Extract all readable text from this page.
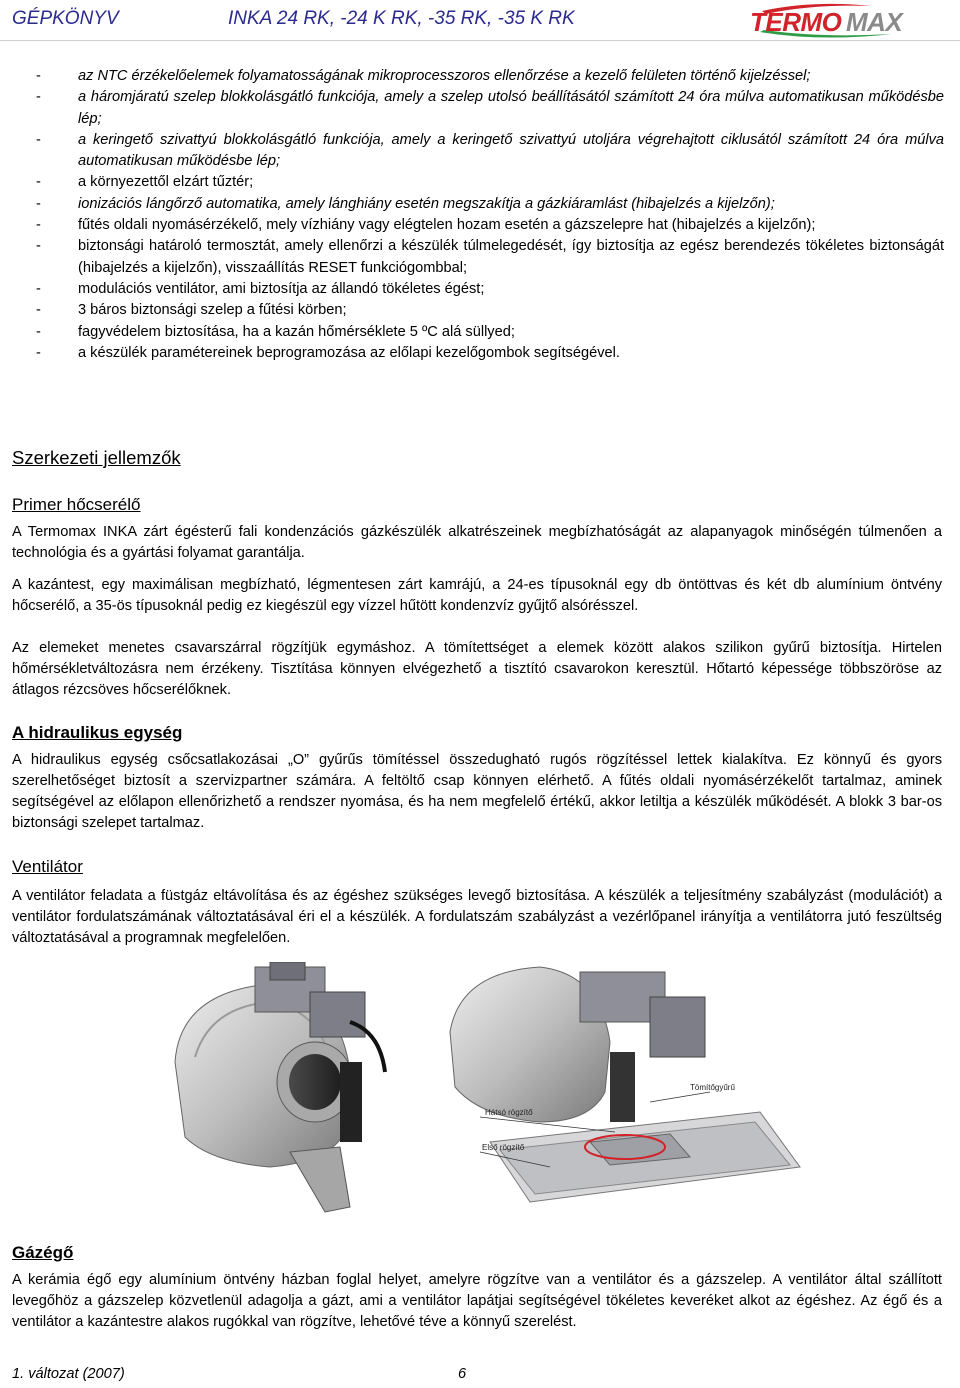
GÉPKÖNYV	INKA 24 RK, -24 K RK, -35 RK, -35 K RK	TERMO MAX
- az NTC érzékelőelemek folyamatosságának mikroprocesszoros ellenőrzése a kezelő felületen történő kijelzéssel;
- a háromjáratú szelep blokkolásgátló funkciója, amely a szelep utolsó beállításától számított 24 óra múlva automatikusan működésbe lép;
- a keringető szivattyú blokkolásgátló funkciója, amely a keringető szivattyú utoljára végrehajtott ciklusától számított 24 óra múlva automatikusan működésbe lép;
- a környezettől elzárt tűztér;
- ionizációs lángőrző automatika, amely lánghiány esetén megszakítja a gázkiáramlást (hibajelzés a kijelzőn);
- fűtés oldali nyomásérzékelő, mely vízhiány vagy elégtelen hozam esetén a gázszelepre hat (hibajelzés a kijelzőn);
- biztonsági határoló termosztát, amely ellenőrzi a készülék túlmelegedését, így biztosítja az egész berendezés tökéletes biztonságát (hibajelzés a kijelzőn), visszaállítás RESET funkciógombbal;
- modulációs ventilátor, ami biztosítja az állandó tökéletes égést;
- 3 báros biztonsági szelep a fűtési körben;
- fagyvédelem biztosítása, ha a kazán hőmérséklete 5 ºC alá süllyed;
- a készülék paramétereinek beprogramozása az előlapi kezelőgombok segítségével.
Szerkezeti jellemzők
Primer hőcserélő

A Termomax INKA zárt égésterű fali kondenzációs gázkészülék alkatrészeinek megbízhatóságát az alapanyagok minőségén túlmenően a technológia és a gyártási folyamat garantálja.

A kazántest, egy maximálisan megbízható, légmentesen zárt kamrájú, a 24-es típusoknál egy db öntöttvas és két db alumínium öntvény hőcserélő, a 35-ös típusoknál pedig ez kiegészül egy vízzel hűtött kondenzvíz gyűjtő alsórésszel.

Az elemeket menetes csavarszárral rögzítjük egymáshoz. A tömítettséget a elemek között alakos szilikon gyűrű biztosítja. Hirtelen hőmérsékletváltozásra nem érzékeny. Tisztítása könnyen elvégezhető a tisztító csavarokon keresztül. Hőtartó képessége többszöröse az átlagos rézcsöves hőcserélőknek.

A hidraulikus egység

A hidraulikus egység csőcsatlakozásai „O” gyűrűs tömítéssel összedugható rugós rögzítéssel lettek kialakítva. Ez könnyű és gyors szerelhetőséget biztosít a szervizpartner számára. A feltöltő csap könnyen elérhető. A fűtés oldali nyomásérzékelőt tartalmaz, aminek segítségével az előlapon ellenőrizhető a rendszer nyomása, és ha nem megfelelő értékű, akkor letiltja a készülék működését. A blokk 3 bar-os biztonsági szelepet tartalmaz.

Ventilátor

A ventilátor feladata a füstgáz eltávolítása és az égéshez szükséges levegő biztosítása. A készülék a teljesítmény szabályzást (modulációt) a ventilátor fordulatszámának változtatásával éri el a készülék. A fordulatszám szabályzást a vezérlőpanel irányítja a ventilátorra jutó feszültség változtatásával a programnak megfelelően.

Hátsó rögzítő
Tömítőgyűrű
Első rögzítő
Gázégő

A kerámia égő egy alumínium öntvény házban foglal helyet, amelyre rögzítve van a ventilátor és a gázszelep. A ventilátor által szállított levegőhöz a gázszelep közvetlenül adagolja a gázt, ami a ventilátor lapátjai segítségével tökéletes keveréket alkot az égéshez. Az égő és a ventilátor a kazántestre alakos rugókkal van rögzítve, lehetővé téve a könnyű szerelést.

1. változat (2007)	6
